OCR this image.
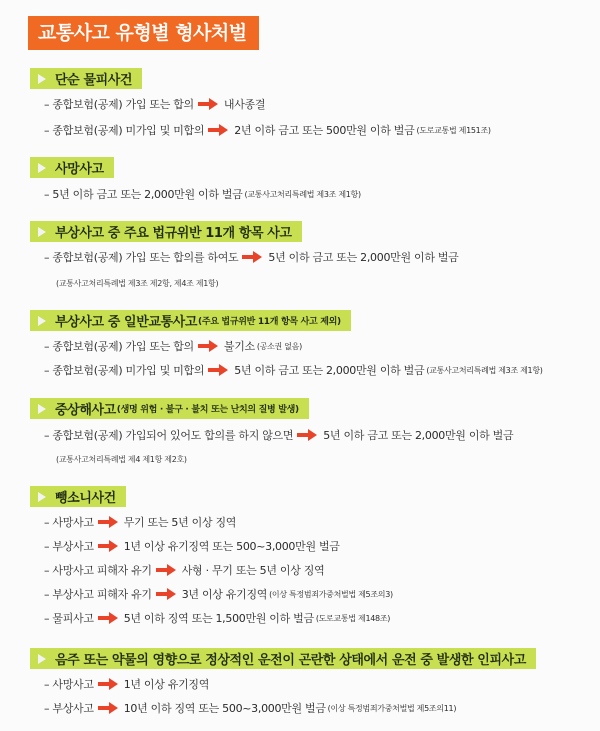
교통사고 유형별 형사처벌
단순 물피사건
– 종합보험(공제) 가입 또는 합의	내사종결
– 종합보험(공제) 미가입 및 미합의	2년 이하 금고 또는 500만원 이하 벌금 (도로교통법 제151조)
사망사고
– 5년 이하 금고 또는 2,000만원 이하 벌금 (교통사고처리특례법 제3조 제1항)
부상사고 중 주요 법규위반 11개 항목 사고
– 종합보험(공제) 가입 또는 합의를 하여도	5년 이하 금고 또는 2,000만원 이하 벌금
(교통사고처리특례법 제3조 제2항, 제4조 제1항)
부상사고 중 일반교통사고 (주요 법규위반 11개 항목 사고 제외)
– 종합보험(공제) 가입 또는 합의	불기소 (공소권 없음)
– 종합보험(공제) 미가입 및 미합의	5년 이하 금고 또는 2,000만원 이하 벌금 (교통사고처리특례법 제3조 제1항)
중상해사고 (생명 위험 · 불구 · 불치 또는 난치의 질병 발생)
– 종합보험(공제) 가입되어 있어도 합의를 하지 않으면	5년 이하 금고 또는 2,000만원 이하 벌금
(교통사고처리특례법 제4 제1항 제2호)
뺑소니사건
– 사망사고	무기 또는 5년 이상 징역
– 부상사고	1년 이상 유기징역 또는 500~3,000만원 벌금
– 사망사고 피해자 유기	사형 · 무기 또는 5년 이상 징역
– 부상사고 피해자 유기	3년 이상 유기징역 (이상 특정범죄가중처벌법 제5조의3)
– 물피사고	5년 이하 징역 또는 1,500만원 이하 벌금 (도로교통법 제148조)
음주 또는 약물의 영향으로 정상적인 운전이 곤란한 상태에서 운전 중 발생한 인피사고
– 사망사고	1년 이상 유기징역
– 부상사고	10년 이하 징역 또는 500~3,000만원 벌금 (이상 특정범죄가중처벌법 제5조의11)
